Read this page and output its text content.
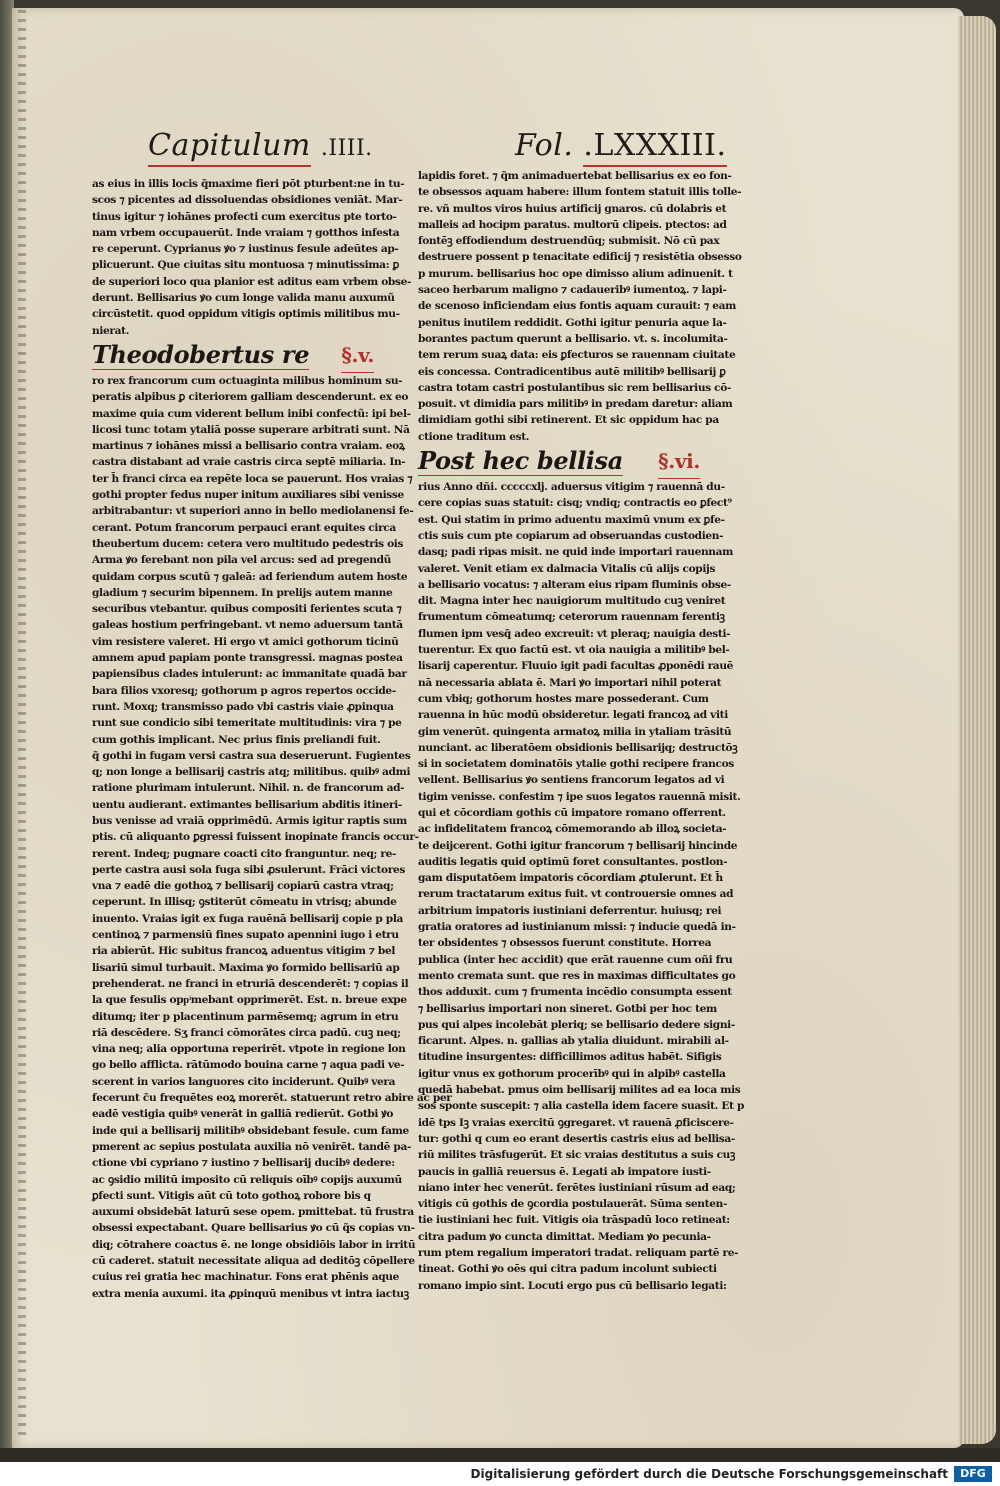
Capitulum .IIII.	Fol. .LXXXIII.
as eius in illis locis q̃maxime fieri pōt pturbent:ne in tu-
scos ⁊ picentes ad dissoluendas obsidiones veniāt. Mar-
tinus igitur ⁊ iohānes profecti cum exercitus pte torto-
nam vrbem occupauerūt. Inde vraiam ⁊ gotthos infesta
re ceperunt. Cyprianus ꝟo ⁊ iustinus fesule adeūtes ap-
plicuerunt. Que ciuitas situ montuosa ⁊ minutissima: ꝑ
de superiori loco qua planior est aditus eam vrbem obse-
derunt. Bellisarius ꝟo cum longe valida manu auxumũ
circūstetit. quod oppidum vitigis optimis militibus mu-
nierat.
Theodobertus re §.v.
ro rex francorum cum octuaginta milibus hominum su-
peratis alpibus ꝑ citeriorem galliam descenderunt. ex eo
maxime quia cum viderent bellum inibi confectũ: ipi bel-
licosi tunc totam ytaliā posse superare arbitrati sunt. Nā
martinus ⁊ iohānes missi a bellisario contra vraiam. eoꝝ
castra distabant ad vraie castris circa septē miliaria. In-
ter h̄ franci circa ea repēte loca se pauerunt. Hos vraias ⁊
gothi propter fedus nuper initum auxiliares sibi venisse
arbitrabantur: vt superiori anno in bello mediolanensi fe-
cerant. Potum francorum perpauci erant equites circa
theubertum ducem: cetera vero multitudo pedestris ois
Arma ꝟo ferebant non pila vel arcus: sed ad pregendũ
quidam corpus scutũ ⁊ galeā: ad feriendum autem hoste
gladium ⁊ securim bipennem. In prelijs autem manne
securibus vtebantur. quibus compositi ferientes scuta ⁊
galeas hostium perfringebant. vt nemo aduersum tantā
vim resistere valeret. Hi ergo vt amici gothorum ticinū
amnem apud papiam ponte transgressi. magnas postea
papiensibus clades intulerunt: ac immanitate quadā bar
bara filios vxoresq; gothorum p agros repertos occide-
runt. Moxq; transmisso pado vbi castris viaie ꝓpinqua
runt sue condicio sibi temeritate multitudinis: vira ⁊ pe
cum gothis implicant. Nec prius finis preliandi fuit.
q̃ gothi in fugam versi castra sua deseruerunt. Fugientes
q; non longe a bellisarij castris atq; militibus. quibꝰ admi
ratione plurimam intulerunt. Nihil. n. de francorum ad-
uentu audierant. extimantes bellisarium abditis itineri-
bus venisse ad vraiā opprimēdū. Armis igitur raptis sum
ptis. cū aliquanto ꝑgressi fuissent inopinate francis occur-
rerent. Indeq; pugnare coacti cito franguntur. neq; re-
perte castra ausi sola fuga sibi ꝓsulerunt. Frāci victores
vna ⁊ eadē die gothoꝝ ⁊ bellisarij copiarū castra vtraq;
ceperunt. In illisq; ꝯstiterūt cōmeatu in vtrisq; abunde
inuento. Vraias igit ex fuga rauēnā bellisarij copie p pla
centinoꝝ ⁊ parmensiū fines supato apennini iugo i etru
ria abierūt. Hic subitus francoꝝ aduentus vitigim ⁊ bel
lisariū simul turbauit. Maxima ꝟo formido bellisariū ap
prehenderat. ne franci in etruriā descenderēt: ⁊ copias il
la que fesulis oppͥmebant opprimerēt. Est. n. breue expe
ditumq; iter p placentinum parmēsemq; agrum in etru
riā descēdere. Sʒ franci cōmorātes circa padū. cuꝫ neq;
vina neq; alia opportuna reperirēt. vtpote in regione lon
go bello afflicta. rātūmodo bouina carne ⁊ aqua padi ve-
scerent in varios languores cito inciderunt. Quibꝰ vera
fecerunt c̃u frequētes eoꝝ morerēt. statuerunt retro abire ac per
eadē vestigia quibꝰ venerāt in galliā redierūt. Gotbi ꝟo
inde qui a bellisarij militibꝰ obsidebant fesule. cum fame
pmerent ac sepius postulata auxilia nō venirēt. tandē pa-
ctione vbi cypriano ⁊ iustino ⁊ bellisarij ducibꝰ dedere:
ac ꝯsidio militū imposito cū reliquis oībꝰ copijs auxumū
ꝑfecti sunt. Vitigis aūt cū toto gothoꝝ robore bis q
auxumi obsidebāt laturū sese opem. pmittebat. tū frustra
obsessi expectabant. Quare bellisarius ꝟo cū q̃s copias vn-
diq; cōtrahere coactus ē. ne longe obsidiōis labor in irritū
cū caderet. statuit necessitate aliqua ad deditōꝫ cōpellere
cuius rei gratia hec machinatur. Fons erat phēnis aque
extra menia auxumi. ita ꝓpinquū menibus vt intra iactuꝫ
lapidis foret. ⁊ q̃m animaduertebat bellisarius ex eo fon-
te obsessos aquam habere: illum fontem statuit illis tolle-
re. vñ multos viros huius artificij gnaros. cū dolabris et
malleis ad hocipm paratus. multorū clipeis. ptectos: ad
fontēꝫ effodiendum destruendūq; submisit. Nō cū pax
destruere possent p tenacitate edificij ⁊ resistētia obsesso
p murum. bellisarius hoc ope dimisso alium adinuenit. t
saceo herbarum maligno ⁊ cadaueribꝰ iumentoꝝ. ⁊ lapi-
de scenoso inficiendam eius fontis aquam curauit: ⁊ eam
penitus inutilem reddidit. Gothi igitur penuria aque la-
borantes pactum querunt a bellisario. vt. s. incolumita-
tem rerum suaꝝ data: eis ꝑfecturos se rauennam ciuitate
eis concessa. Contradicentibus autē militibꝰ bellisarij ꝑ
castra totam castri postulantibus sic rem bellisarius cō-
posuit. vt dimidia pars militibꝰ in predam daretur: aliam
dimidiam gothi sibi retinerent. Et sic oppidum hac pa
ctione traditum est.
Post hec bellisa §.vi.
rius Anno dñi. cccccxlj. aduersus vitigim ⁊ rauennā du-
cere copias suas statuit: cisq; vndiq; contractis eo ꝑfect⁹
est. Qui statim in primo aduentu maximū vnum ex ꝑfe-
ctis suis cum pte copiarum ad obseruandas custodien-
dasq; padi ripas misit. ne quid inde importari rauennam
valeret. Venit etiam ex dalmacia Vitalis cū alijs copijs
a bellisario vocatus: ⁊ alteram eius ripam fluminis obse-
dit. Magna inter hec nauigiorum multitudo cuꝫ veniret
frumentum cōmeatumq; ceterorum rauennam ferentiꝫ
flumen ipm vesq̃ adeo excreuit: vt pleraq; nauigia desti-
tuerentur. Ex quo factū est. vt oia nauigia a militibꝰ bel-
lisarij caperentur. Fluuio igit padi facultas ꝓponēdi rauē
nā necessaria ablata ē. Mari ꝟo importari nihil poterat
cum vbiq; gothorum hostes mare possederant. Cum
rauenna in hūc modū obsideretur. legati francoꝝ ad viti
gim venerūt. quingenta armatoꝝ milia in ytaliam trāsitū
nunciant. ac liberatōem obsidionis bellisarijq; destructōꝫ
si in societatem dominatōis ytalie gothi recipere francos
vellent. Bellisarius ꝟo sentiens francorum legatos ad vi
tigim venisse. confestim ⁊ ipe suos legatos rauennā misit.
qui et cōcordiam gothis cū impatore romano offerrent.
ac infidelitatem francoꝝ cōmemorando ab illoꝝ societa-
te deijcerent. Gothi igitur francorum ⁊ bellisarij hincinde
auditis legatis quid optimū foret consultantes. postlon-
gam disputatōem impatoris cōcordiam ꝓtulerunt. Et h̄
rerum tractatarum exitus fuit. vt controuersie omnes ad
arbitrium impatoris iustiniani deferrentur. huiusq; rei
gratia oratores ad iustinianum missi: ⁊ inducie quedā in-
ter obsidentes ⁊ obsessos fuerunt constitute. Horrea
publica (inter hec accidit) que erāt rauenne cum oñi fru
mento cremata sunt. que res in maximas difficultates go
thos adduxit. cum ⁊ frumenta incēdio consumpta essent
⁊ bellisarius importari non sineret. Gotbi per hoc tem
pus qui alpes incolebāt pleriq; se bellisario dedere signi-
ficarunt. Alpes. n. gallias ab ytalia diuidunt. mirabili al-
titudine insurgentes: difficillimos aditus habēt. Sifigis
igitur vnus ex gothorum procerībꝰ qui in alpibꝰ castella
quedā habebat. pmus oim bellisarij milites ad ea loca mis
sos sponte suscepit: ⁊ alia castella idem facere suasit. Et p
idē tps Iꝫ vraias exercitū ꝯgregaret. vt rauenā ꝓficiscere-
tur: gothi q cum eo erant desertis castris eius ad bellisa-
riū milites trāsfugerūt. Et sic vraias destitutus a suis cuꝫ
paucis in galliā reuersus ē. Legati ab impatore iusti-
niano inter hec venerūt. ferētes iustiniani rūsum ad eaq;
vitigis cū gothis de ꝯcordia postulauerāt. Sūma senten-
tie iustiniani hec fuit. Vitigis oia trāspadū loco retineat:
citra padum ꝟo cuncta dimittat. Mediam ꝟo pecunia-
rum ptem regalium imperatori tradat. reliquam partē re-
tineat. Gothi ꝟo oēs qui citra padum incolunt subiecti
romano impio sint. Locuti ergo pus cū bellisario legati:
Digitalisierung gefördert durch die Deutsche Forschungsgemeinschaft	DFG
